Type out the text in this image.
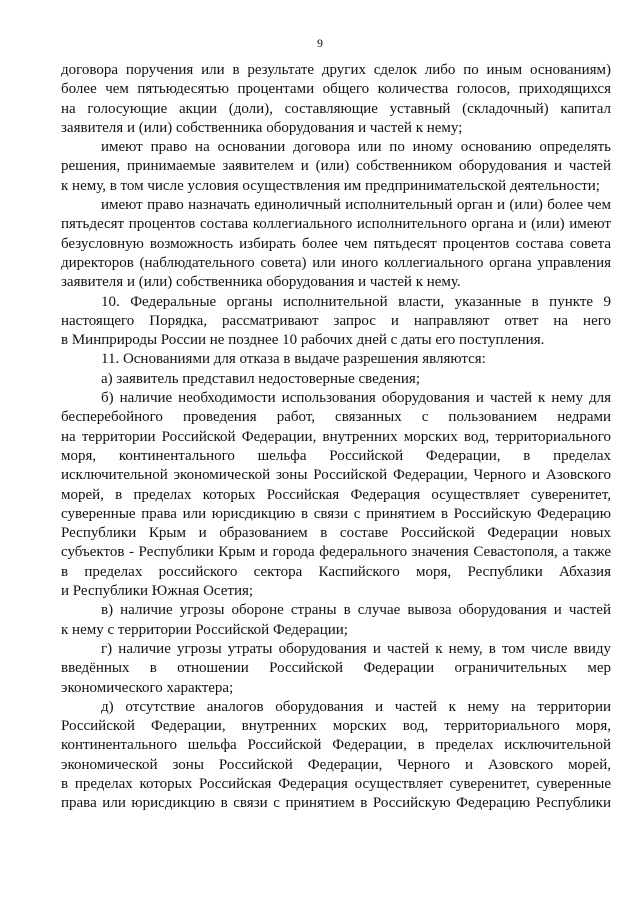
9
договора поручения или в результате других сделок либо по иным основаниям)
более чем пятьюдесятью процентами общего количества голосов, приходящихся
на голосующие акции (доли), составляющие уставный (складочный) капитал
заявителя и (или) собственника оборудования и частей к нему;
имеют право на основании договора или по иному основанию определять
решения, принимаемые заявителем и (или) собственником оборудования и частей
к нему, в том числе условия осуществления им предпринимательской деятельности;
имеют право назначать единоличный исполнительный орган и (или) более чем
пятьдесят процентов состава коллегиального исполнительного органа и (или) имеют
безусловную возможность избирать более чем пятьдесят процентов состава совета
директоров (наблюдательного совета) или иного коллегиального органа управления
заявителя и (или) собственника оборудования и частей к нему.
10. Федеральные органы исполнительной власти, указанные в пункте 9
настоящего Порядка, рассматривают запрос и направляют ответ на него
в Минприроды России не позднее 10 рабочих дней с даты его поступления.
11. Основаниями для отказа в выдаче разрешения являются:
а) заявитель представил недостоверные сведения;
б) наличие необходимости использования оборудования и частей к нему для
бесперебойного проведения работ, связанных с пользованием недрами
на территории Российской Федерации, внутренних морских вод, территориального
моря, континентального шельфа Российской Федерации, в пределах
исключительной экономической зоны Российской Федерации, Черного и Азовского
морей, в пределах которых Российская Федерация осуществляет суверенитет,
суверенные права или юрисдикцию в связи с принятием в Российскую Федерацию
Республики Крым и образованием в составе Российской Федерации новых
субъектов - Республики Крым и города федерального значения Севастополя, а также
в пределах российского сектора Каспийского моря, Республики Абхазия
и Республики Южная Осетия;
в) наличие угрозы обороне страны в случае вывоза оборудования и частей
к нему с территории Российской Федерации;
г) наличие угрозы утраты оборудования и частей к нему, в том числе ввиду
введённых в отношении Российской Федерации ограничительных мер
экономического характера;
д) отсутствие аналогов оборудования и частей к нему на территории
Российской Федерации, внутренних морских вод, территориального моря,
континентального шельфа Российской Федерации, в пределах исключительной
экономической зоны Российской Федерации, Черного и Азовского морей,
в пределах которых Российская Федерация осуществляет суверенитет, суверенные
права или юрисдикцию в связи с принятием в Российскую Федерацию Республики
